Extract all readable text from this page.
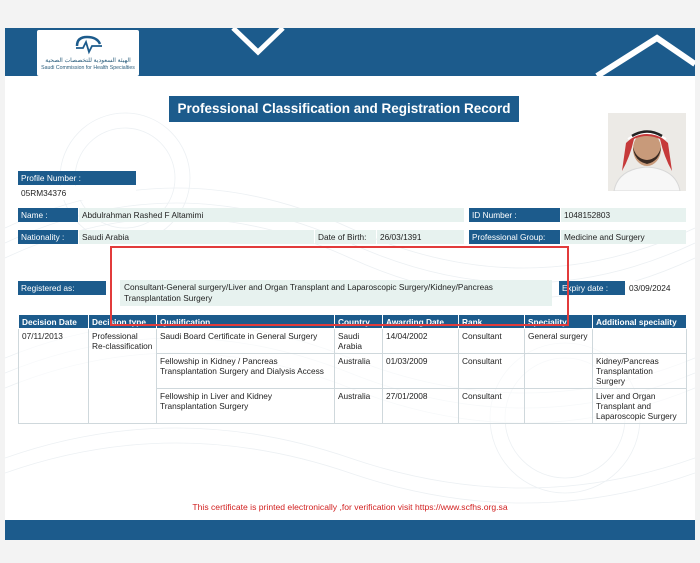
الهيئة السعودية للتخصصات الصحية
Saudi Commission for Health Specialties
Professional Classification and Registration Record
Profile Number :
05RM34376
Name :	Abdulrahman Rashed F Altamimi	ID Number :	1048152803
Nationality :	Saudi Arabia	Date of Birth:	26/03/1391	Professional Group:	Medicine and Surgery
Registered as:	Consultant-General surgery/Liver and Organ Transplant and Laparoscopic Surgery/Kidney/Pancreas Transplantation Surgery
Expiry date :	03/09/2024
Decision Date	Decision type	Qualification	Country	Awarding Date	Rank	Speciality	Additional speciality
07/11/2013	Professional Re-classification	Saudi Board Certificate in General Surgery	Saudi Arabia	14/04/2002	Consultant	General surgery	
		Fellowship in Kidney / Pancreas Transplantation Surgery and Dialysis Access	Australia	01/03/2009	Consultant		Kidney/Pancreas Transplantation Surgery
		Fellowship in Liver and Kidney Transplantation Surgery	Australia	27/01/2008	Consultant		Liver and Organ Transplant and Laparoscopic Surgery
This certificate is printed electronically ,for verification visit https://www.scfhs.org.sa
